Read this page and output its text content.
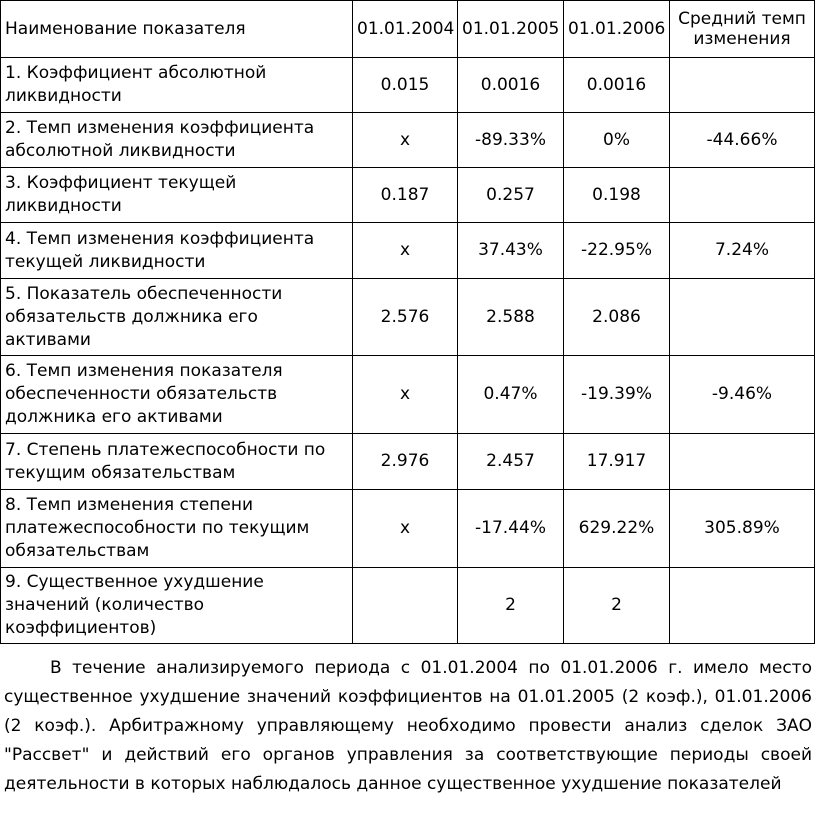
Наименование показателя	01.01.2004	01.01.2005	01.01.2006	Средний темп изменения
1. Коэффициент абсолютной ликвидности	0.015	0.0016	0.0016	
2. Темп изменения коэффициента абсолютной ликвидности	x	-89.33%	0%	-44.66%
3. Коэффициент текущей ликвидности	0.187	0.257	0.198	
4. Темп изменения коэффициента текущей ликвидности	x	37.43%	-22.95%	7.24%
5. Показатель обеспеченности обязательств должника его активами	2.576	2.588	2.086	
6. Темп изменения показателя обеспеченности обязательств должника его активами	x	0.47%	-19.39%	-9.46%
7. Степень платежеспособности по текущим обязательствам	2.976	2.457	17.917	
8. Темп изменения степени платежеспособности по текущим обязательствам	x	-17.44%	629.22%	305.89%
9. Существенное ухудшение значений (количество коэффициентов)		2	2	

В течение анализируемого периода с 01.01.2004 по 01.01.2006 г. имело место существенное ухудшение значений коэффициентов на 01.01.2005 (2 коэф.), 01.01.2006 (2 коэф.). Арбитражному управляющему необходимо провести анализ сделок ЗАО "Рассвет" и действий его органов управления за соответствующие периоды своей деятельности в которых наблюдалось данное существенное ухудшение показателей
